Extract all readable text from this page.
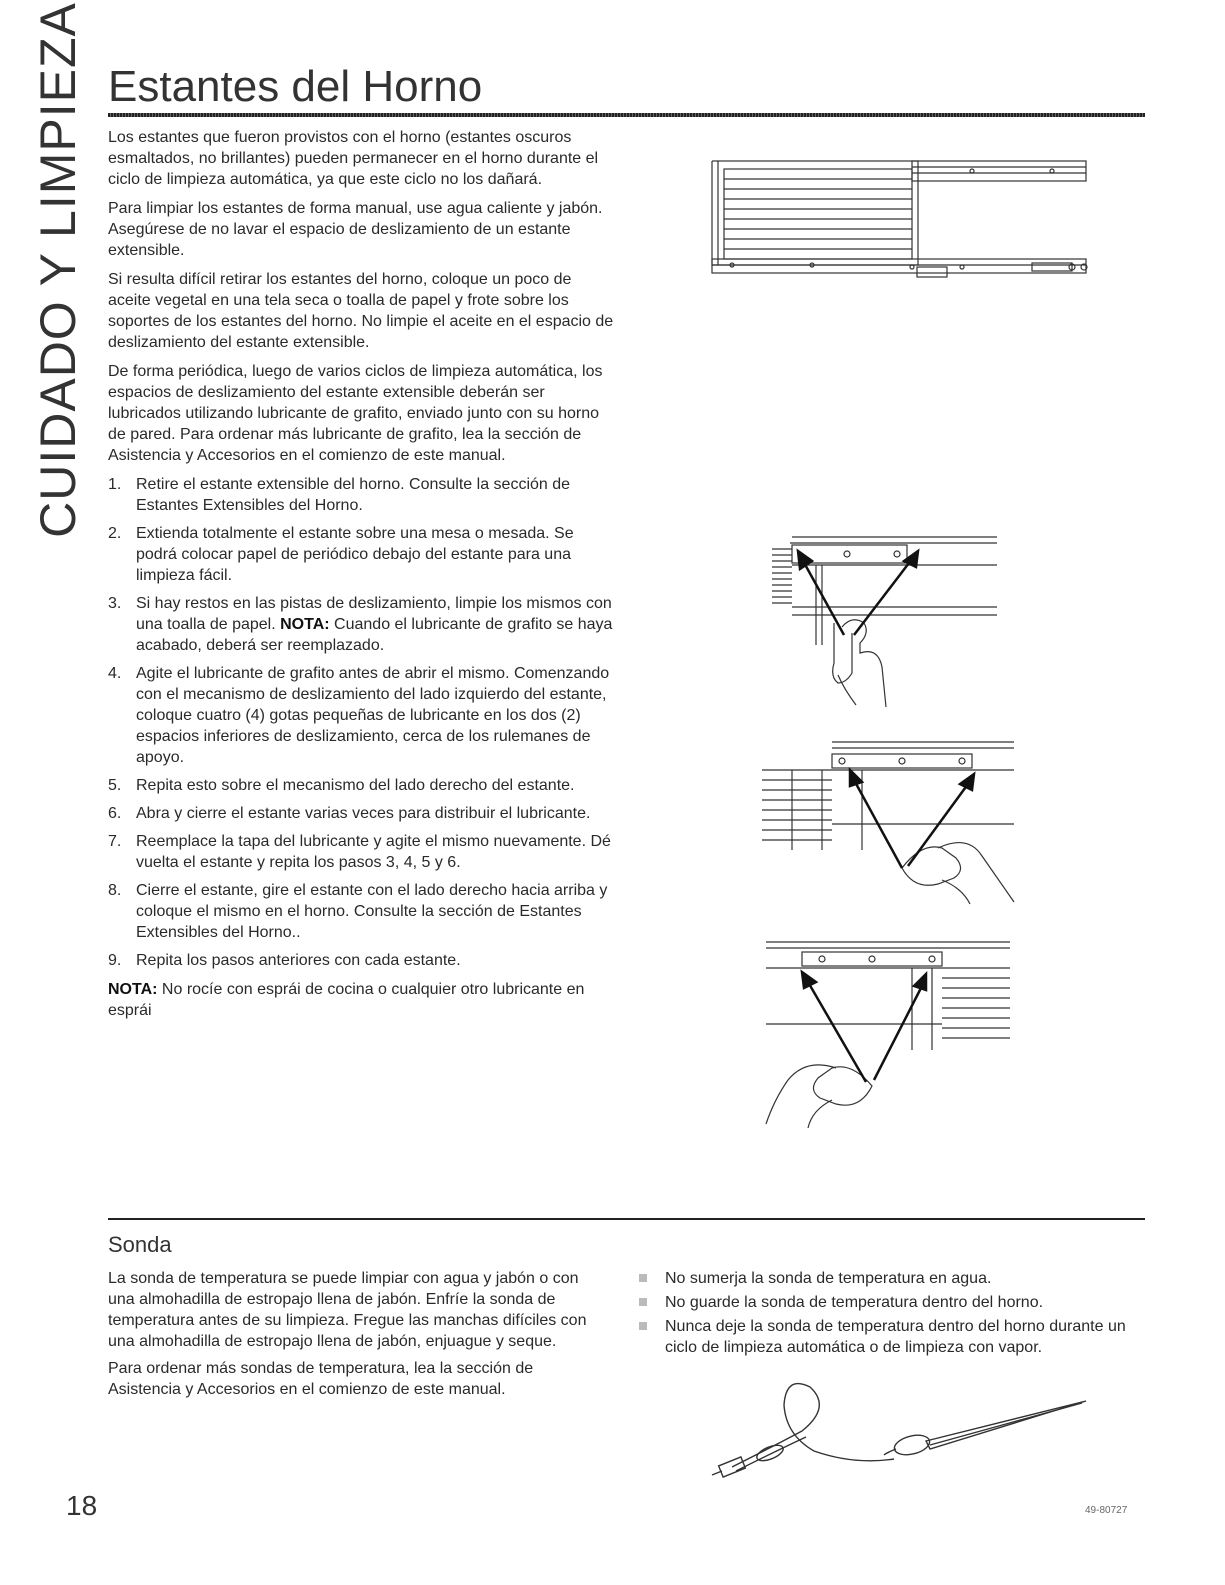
CUIDADO Y LIMPIEZA Estantes del Horno

Los estantes que fueron provistos con el horno (estantes oscuros esmaltados, no brillantes) pueden permanecer en el horno durante el ciclo de limpieza automática, ya que este ciclo no los dañará.

Para limpiar los estantes de forma manual, use agua caliente y jabón. Asegúrese de no lavar el espacio de deslizamiento de un estante extensible.

Si resulta difícil retirar los estantes del horno, coloque un poco de aceite vegetal en una tela seca o toalla de papel y frote sobre los soportes de los estantes del horno. No limpie el aceite en el espacio de deslizamiento del estante extensible.

De forma periódica, luego de varios ciclos de limpieza automática, los espacios de deslizamiento del estante extensible deberán ser lubricados utilizando lubricante de grafito, enviado junto con su horno de pared. Para ordenar más lubricante de grafito, lea la sección de Asistencia y Accesorios en el comienzo de este manual.

1. Retire el estante extensible del horno. Consulte la sección de Estantes Extensibles del Horno.
2. Extienda totalmente el estante sobre una mesa o mesada. Se podrá colocar papel de periódico debajo del estante para una limpieza fácil.
3. Si hay restos en las pistas de deslizamiento, limpie los mismos con una toalla de papel. NOTA: Cuando el lubricante de grafito se haya acabado, deberá ser reemplazado.
4. Agite el lubricante de grafito antes de abrir el mismo. Comenzando con el mecanismo de deslizamiento del lado izquierdo del estante, coloque cuatro (4) gotas pequeñas de lubricante en los dos (2) espacios inferiores de deslizamiento, cerca de los rulemanes de apoyo.
5. Repita esto sobre el mecanismo del lado derecho del estante.
6. Abra y cierre el estante varias veces para distribuir el lubricante.
7. Reemplace la tapa del lubricante y agite el mismo nuevamente. Dé vuelta el estante y repita los pasos 3, 4, 5 y 6.
8. Cierre el estante, gire el estante con el lado derecho hacia arriba y coloque el mismo en el horno. Consulte la sección de Estantes Extensibles del Horno..
9. Repita los pasos anteriores con cada estante.

NOTA: No rocíe con esprái de cocina o cualquier otro lubricante en esprái

Sonda

La sonda de temperatura se puede limpiar con agua y jabón o con una almohadilla de estropajo llena de jabón. Enfríe la sonda de temperatura antes de su limpieza. Fregue las manchas difíciles con una almohadilla de estropajo llena de jabón, enjuague y seque.

Para ordenar más sondas de temperatura, lea la sección de Asistencia y Accesorios en el comienzo de este manual.

No sumerja la sonda de temperatura en agua.
No guarde la sonda de temperatura dentro del horno.
Nunca deje la sonda de temperatura dentro del horno durante un ciclo de limpieza automática o de limpieza con vapor.
18	49-80727
